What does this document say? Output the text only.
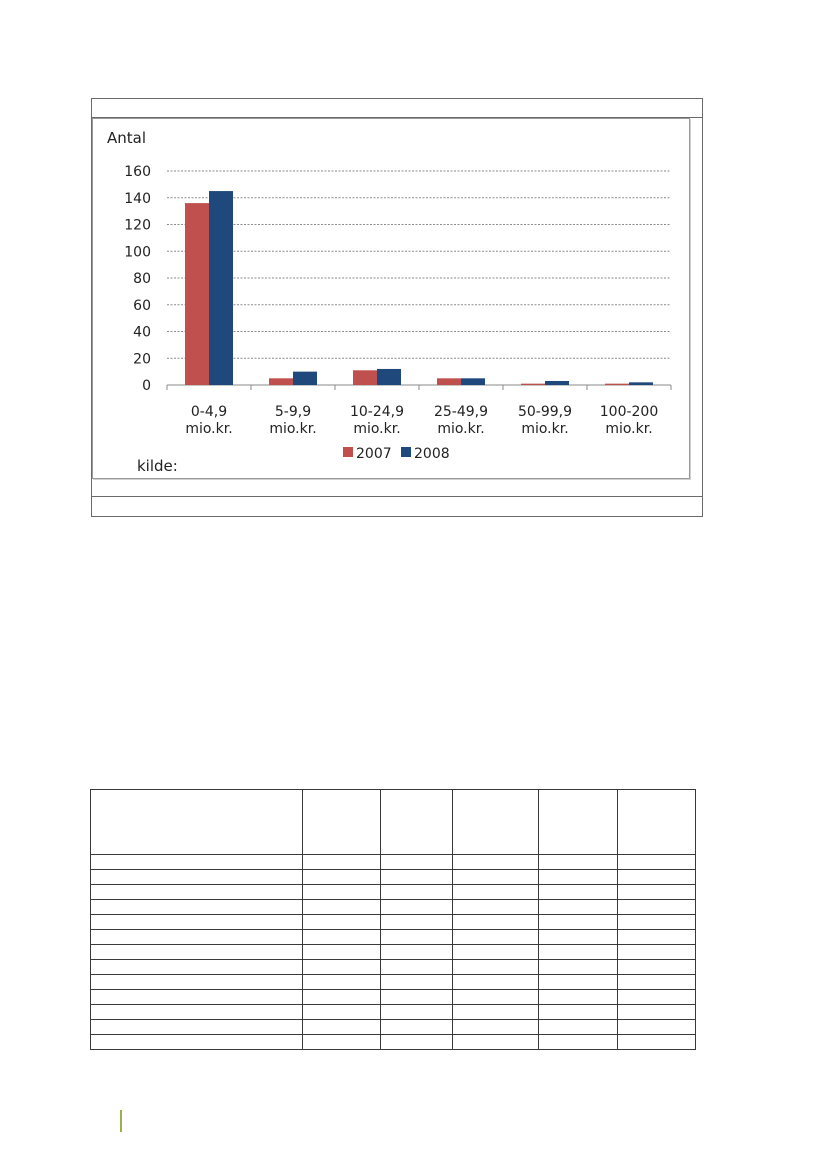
Antal
0
20
40
60
80
100
120
140
160
0-4,9
mio.kr.
5-9,9
mio.kr.
10-24,9
mio.kr.
25-49,9
mio.kr.
50-99,9
mio.kr.
100-200
mio.kr.
2007 2008
kilde:
